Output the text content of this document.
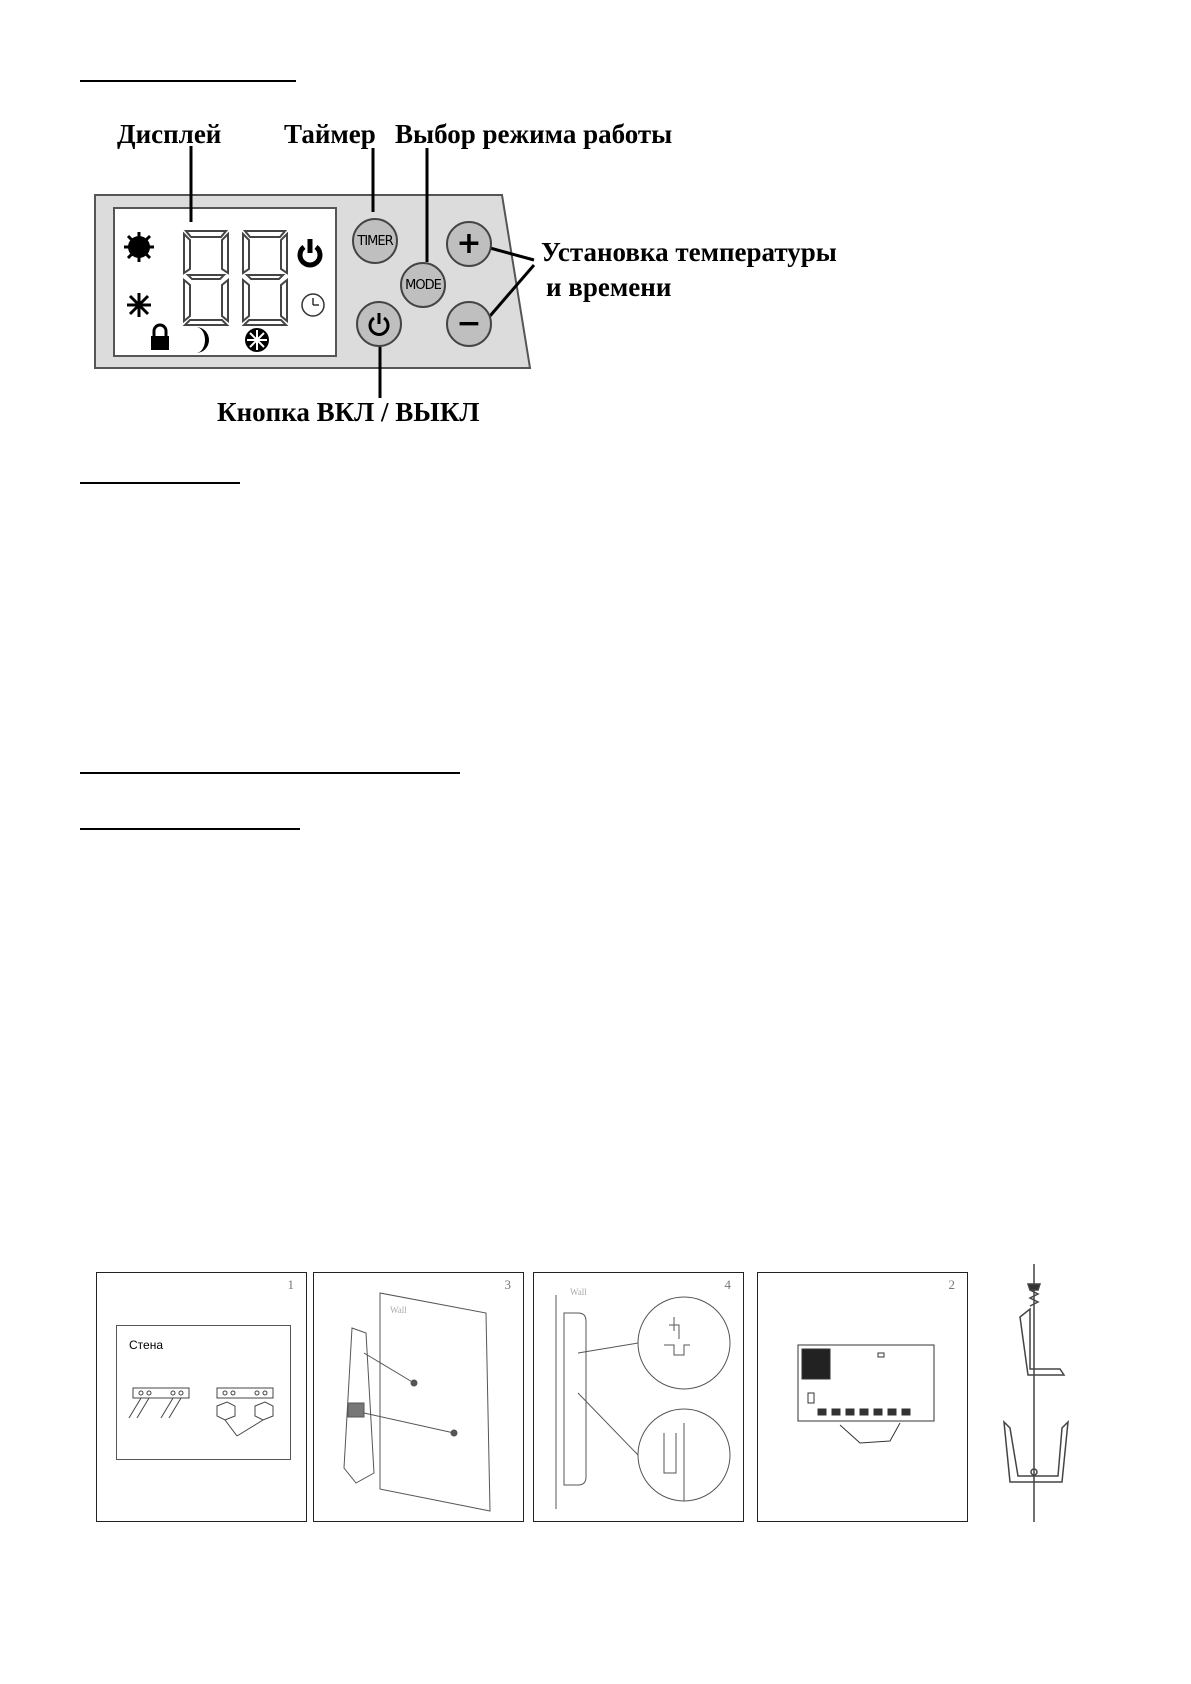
TIMER
MODE
+
−
Дисплей Таймер Выбор режима работы
Установка температуры
и времени
Кнопка ВКЛ / ВЫКЛ
1
Стена
3
Wall
4
Wall	2
